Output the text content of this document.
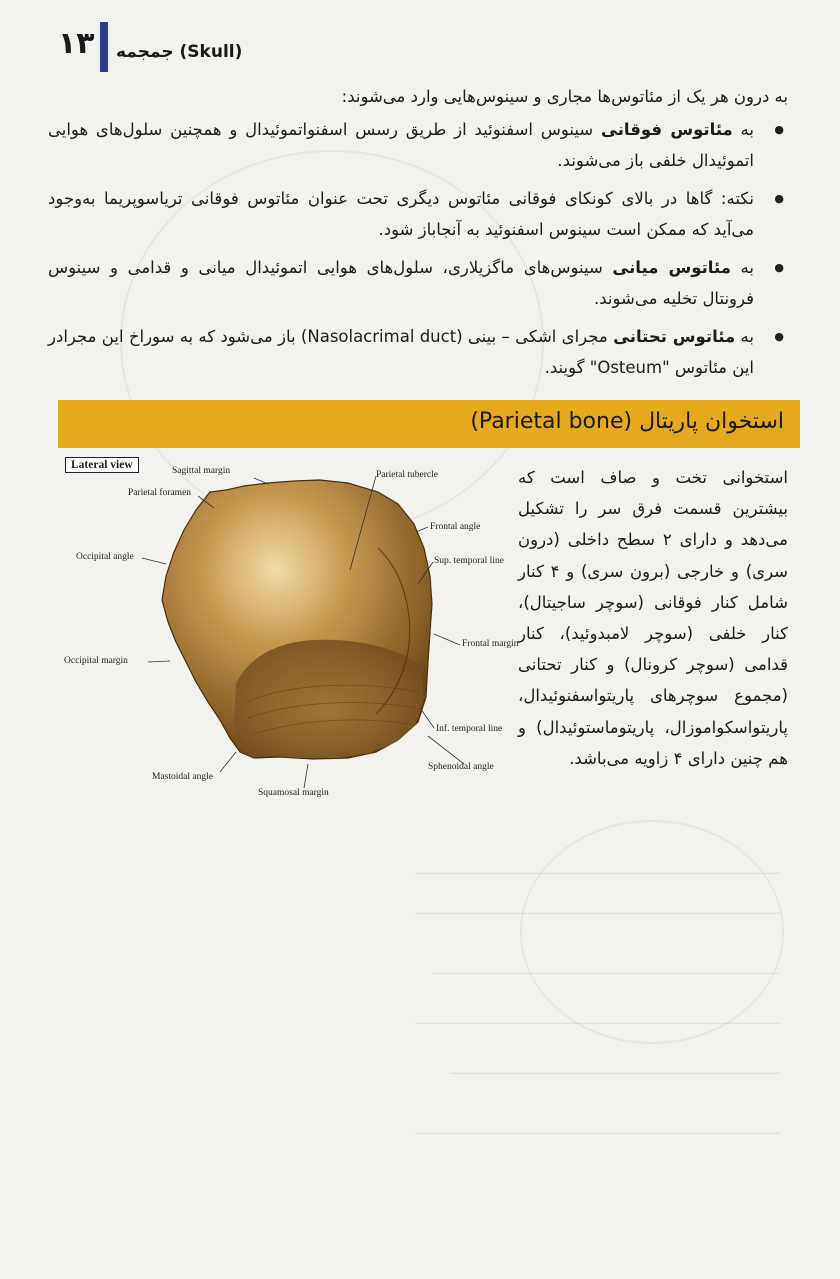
ـــــــــــــــــــــــــــــــــــــــــــــــــــــــــــــــــــــــــــــــــــ
ـــــــــــــــــــــــــــــــــــــــــــــــــــــــــــــــــــــــــــــــــــ
ـــــــــــــــــــــــــــــــــــــــــــــــــــــــــــــــــــــــــــــــ
ـــــــــــــــــــــــــــــــــــــــــــــــــــــــــــــــــــــــــــــــــــ
ـــــــــــــــــــــــــــــــــــــــــــــــــــــــــــــــــــــــــــ
ـــــــــــــــــــــــــــــــــــــــــــــــــــــــــــــــــــــــــــــــــــ
۱۳ جمجمه (Skull)
به درون هر یک از مئاتوس‌ها مجاری و سینوس‌هایی وارد می‌شوند:
● به مئاتوس فوقانی سینوس اسفنوئید از طریق رسس اسفنواتموئیدال و همچنین سلول‌های هوایی اتموئیدال خلفی باز می‌شوند.
● نکته: گاها در بالای کونکای فوقانی مئاتوس دیگری تحت عنوان مئاتوس فوقانی تریاسوپریما به‌وجود می‌آید که ممکن است سینوس اسفنوئید به آنجاباز شود.
● به مئاتوس میانی سینوس‌های ماگزیلاری، سلول‌های هوایی اتموئیدال میانی و قدامی و سینوس فرونتال تخلیه می‌شوند.
● به مئاتوس تحتانی مجرای اشکی – بینی (Nasolacrimal duct) باز می‌شود که به سوراخ این مجرادر این مئاتوس "Osteum" گویند.
استخوان پاریتال (Parietal bone)
Lateral view	Sagittal margin
Parietal foramen
Occipital angle
Occipital margin
Mastoidal angle
Squamosal margin
Sphenoidal angle
Inf. temporal line
Frontal margin
Sup. temporal line
Frontal angle
Parietal tubercle	استخوانی تخت و صاف است که بیشترین قسمت فرق سر را تشکیل می‌دهد و دارای ۲ سطح داخلی (درون سری) و خارجی (برون سری) و ۴ کنار شامل کنار فوقانی (سوچر ساجیتال)، کنار خلفی (سوچر لامبدوئید)، کنار قدامی (سوچر کرونال) و کنار تحتانی (مجموع سوچرهای پاریتواسفنوئیدال، پاریتواسکواموزال، پاریتوماستوئیدال) و هم چنین دارای ۴ زاویه می‌باشد.
